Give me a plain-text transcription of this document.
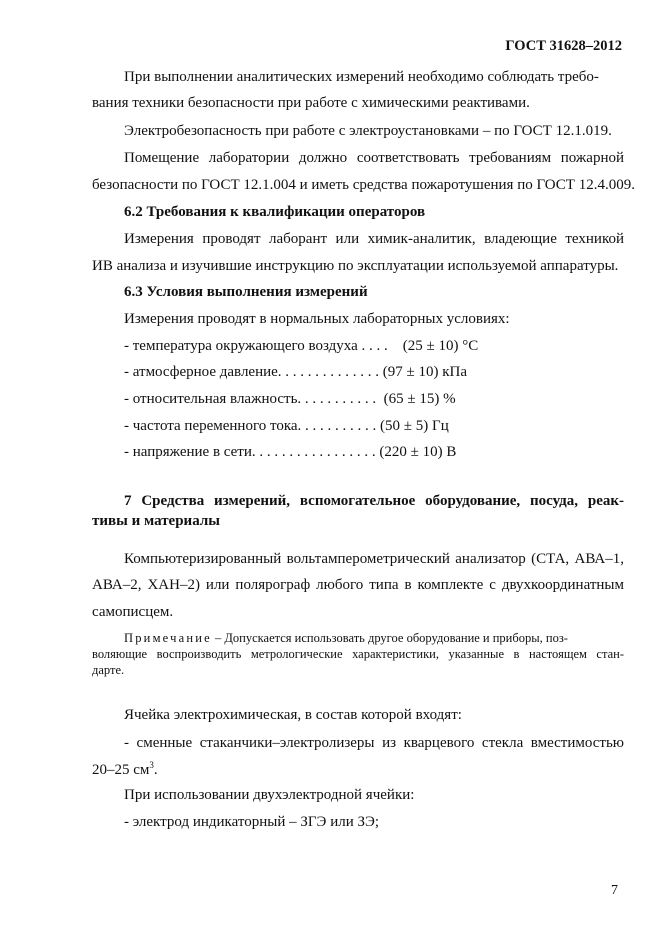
ГОСТ 31628–2012
При выполнении аналитических измерений необходимо соблюдать требо-
вания техники безопасности при работе с химическими реактивами.
Электробезопасность при работе с электроустановками – по ГОСТ 12.1.019.
Помещение лаборатории должно соответствовать требованиям пожарной
безопасности по ГОСТ 12.1.004 и иметь средства пожаротушения по ГОСТ 12.4.009.
6.2 Требования к квалификации операторов
Измерения проводят лаборант или химик-аналитик, владеющие техникой
ИВ анализа и изучившие инструкцию по эксплуатации используемой аппаратуры.
6.3 Условия выполнения измерений
Измерения проводят в нормальных лабораторных условиях:
- температура окружающего воздуха . . . .    (25 ± 10) °С
- атмосферное давление. . . . . . . . . . . . . . (97 ± 10) кПа
- относительная влажность. . . . . . . . . . .  (65 ± 15) %
- частота переменного тока. . . . . . . . . . . (50 ± 5) Гц
- напряжение в сети. . . . . . . . . . . . . . . . . (220 ± 10) В
7 Средства измерений, вспомогательное оборудование, посуда, реак-
тивы и материалы
Компьютеризированный вольтамперометрический анализатор (СТА, АВА–1,
АВА–2, ХАН–2) или полярограф любого типа в комплекте с двухкоординатным
самописцем.
Примечание – Допускается использовать другое оборудование и приборы, поз-
воляющие воспроизводить метрологические характеристики, указанные в настоящем стан-
дарте.
Ячейка электрохимическая, в состав которой входят:
- сменные стаканчики–электролизеры из кварцевого стекла вместимостью
20–25 $см^3$.
При использовании двухэлектродной ячейки:
- электрод индикаторный – ЗГЭ или ЗЭ;
7
